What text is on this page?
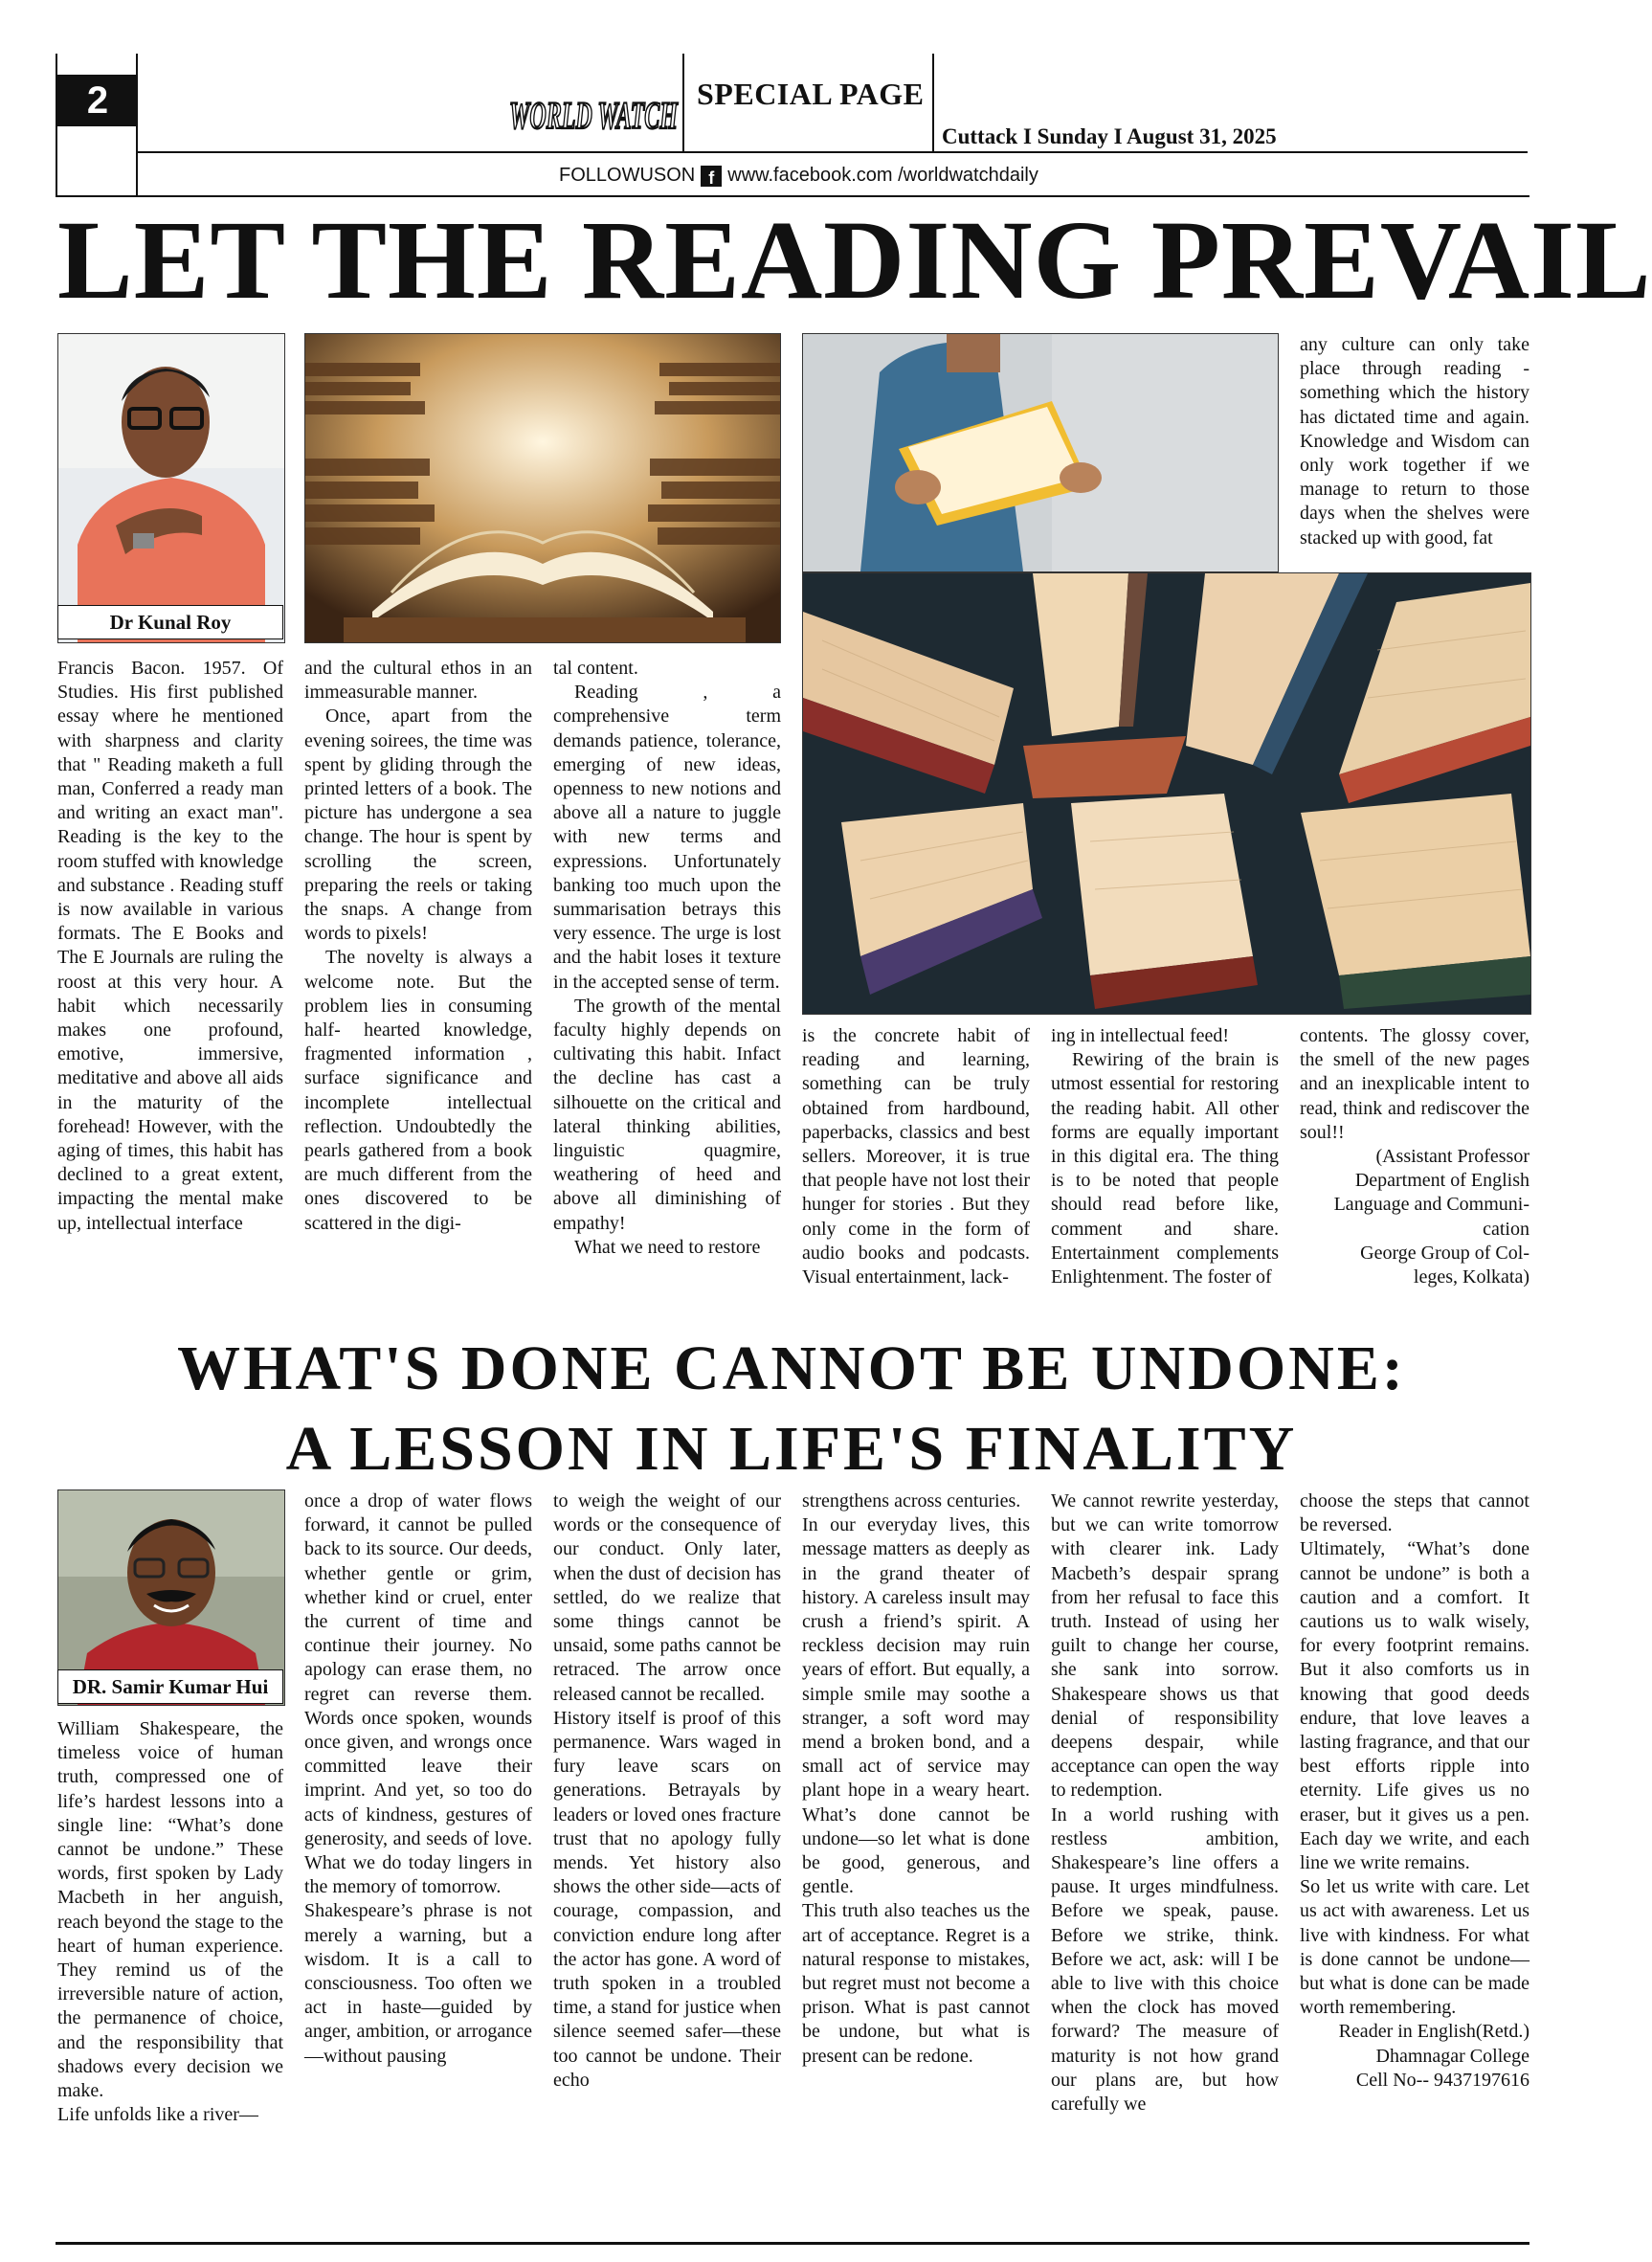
2	WORLD WATCH SPECIAL PAGE
Cuttack I Sunday I August 31, 2025
FOLLOWUSON f www.facebook.com /worldwatchdaily
LET THE READING PREVAIL
Dr Kunal Roy

Francis Bacon. 1957. Of Studies. His first published essay where he mentioned with sharpness and clarity that " Reading maketh a full man, Conferred a ready man and writing an exact man". Reading is the key to the room stuffed with knowledge and substance . Reading stuff is now available in various formats. The E Books and The E Journals are ruling the roost at this very hour. A habit which necessarily makes one profound, emotive, immersive, meditative and above all aids in the maturity of the forehead! However, with the aging of times, this habit has declined to a great extent, impacting the mental make up, intellectual interface

and the cultural ethos in an immeasurable manner.

Once, apart from the evening soirees, the time was spent by gliding through the printed letters of a book. The picture has undergone a sea change. The hour is spent by scrolling the screen, preparing the reels or taking the snaps. A change from words to pixels!

The novelty is always a welcome note. But the problem lies in consuming half- hearted knowledge, fragmented information , surface significance and incomplete intellectual reflection. Undoubtedly the pearls gathered from a book are much different from the ones discovered to be scattered in the digi-

tal content.

Reading , a comprehensive term demands patience, tolerance, emerging of new ideas, openness to new notions and above all a nature to juggle with new terms and expressions. Unfortunately banking too much upon the summarisation betrays this very essence. The urge is lost and the habit loses it texture in the accepted sense of term.

The growth of the mental faculty highly depends on cultivating this habit. Infact the decline has cast a silhouette on the critical and lateral thinking abilities, linguistic quagmire, weathering of heed and above all diminishing of empathy!

What we need to restore

any culture can only take place through reading - something which the history has dictated time and again. Knowledge and Wisdom can only work together if we manage to return to those days when the shelves were stacked up with good, fat

is the concrete habit of reading and learning, something can be truly obtained from hardbound, paperbacks, classics and best sellers. Moreover, it is true that people have not lost their hunger for stories . But they only come in the form of audio books and podcasts. Visual entertainment, lack-

ing in intellectual feed!

Rewiring of the brain is utmost essential for restoring the reading habit. All other forms are equally important in this digital era. The thing is to be noted that people should read before like, comment and share. Entertainment complements Enlightenment. The foster of

contents. The glossy cover, the smell of the new pages and an inexplicable intent to read, think and rediscover the soul!!

(Assistant Professor
Department of English
Language and Communi-
cation
George Group of Col-
leges, Kolkata)
WHAT'S DONE CANNOT BE UNDONE:
A LESSON IN LIFE'S FINALITY
DR. Samir Kumar Hui

William Shakespeare, the timeless voice of human truth, compressed one of life’s hardest lessons into a single line: “What’s done cannot be undone.” These words, first spoken by Lady Macbeth in her anguish, reach beyond the stage to the heart of human experience. They remind us of the irreversible nature of action, the permanence of choice, and the responsibility that shadows every decision we make.

Life unfolds like a river—

once a drop of water flows forward, it cannot be pulled back to its source. Our deeds, whether gentle or grim, whether kind or cruel, enter the current of time and continue their journey. No apology can erase them, no regret can reverse them. Words once spoken, wounds once given, and wrongs once committed leave their imprint. And yet, so too do acts of kindness, gestures of generosity, and seeds of love. What we do today lingers in the memory of tomorrow.

Shakespeare’s phrase is not merely a warning, but a wisdom. It is a call to consciousness. Too often we act in haste—guided by anger, ambition, or arrogance—without pausing

to weigh the weight of our words or the consequence of our conduct. Only later, when the dust of decision has settled, do we realize that some things cannot be unsaid, some paths cannot be retraced. The arrow once released cannot be recalled.

History itself is proof of this permanence. Wars waged in fury leave scars on generations. Betrayals by leaders or loved ones fracture trust that no apology fully mends. Yet history also shows the other side—acts of courage, compassion, and conviction endure long after the actor has gone. A word of truth spoken in a troubled time, a stand for justice when silence seemed safer—these too cannot be undone. Their echo

strengthens across centuries.

In our everyday lives, this message matters as deeply as in the grand theater of history. A careless insult may crush a friend’s spirit. A reckless decision may ruin years of effort. But equally, a simple smile may soothe a stranger, a soft word may mend a broken bond, and a small act of service may plant hope in a weary heart. What’s done cannot be undone—so let what is done be good, generous, and gentle.

This truth also teaches us the art of acceptance. Regret is a natural response to mistakes, but regret must not become a prison. What is past cannot be undone, but what is present can be redone.

We cannot rewrite yesterday, but we can write tomorrow with clearer ink. Lady Macbeth’s despair sprang from her refusal to face this truth. Instead of using her guilt to change her course, she sank into sorrow. Shakespeare shows us that denial of responsibility deepens despair, while acceptance can open the way to redemption.

In a world rushing with restless ambition, Shakespeare’s line offers a pause. It urges mindfulness. Before we speak, pause. Before we strike, think. Before we act, ask: will I be able to live with this choice when the clock has moved forward? The measure of maturity is not how grand our plans are, but how carefully we

choose the steps that cannot be reversed.

Ultimately, “What’s done cannot be undone” is both a caution and a comfort. It cautions us to walk wisely, for every footprint remains. But it also comforts us in knowing that good deeds endure, that love leaves a lasting fragrance, and that our best efforts ripple into eternity. Life gives us no eraser, but it gives us a pen. Each day we write, and each line we write remains.

So let us write with care. Let us act with awareness. Let us live with kindness. For what is done cannot be undone—but what is done can be made worth remembering.

Reader in English(Retd.)
Dhamnagar College
Cell No-- 9437197616
